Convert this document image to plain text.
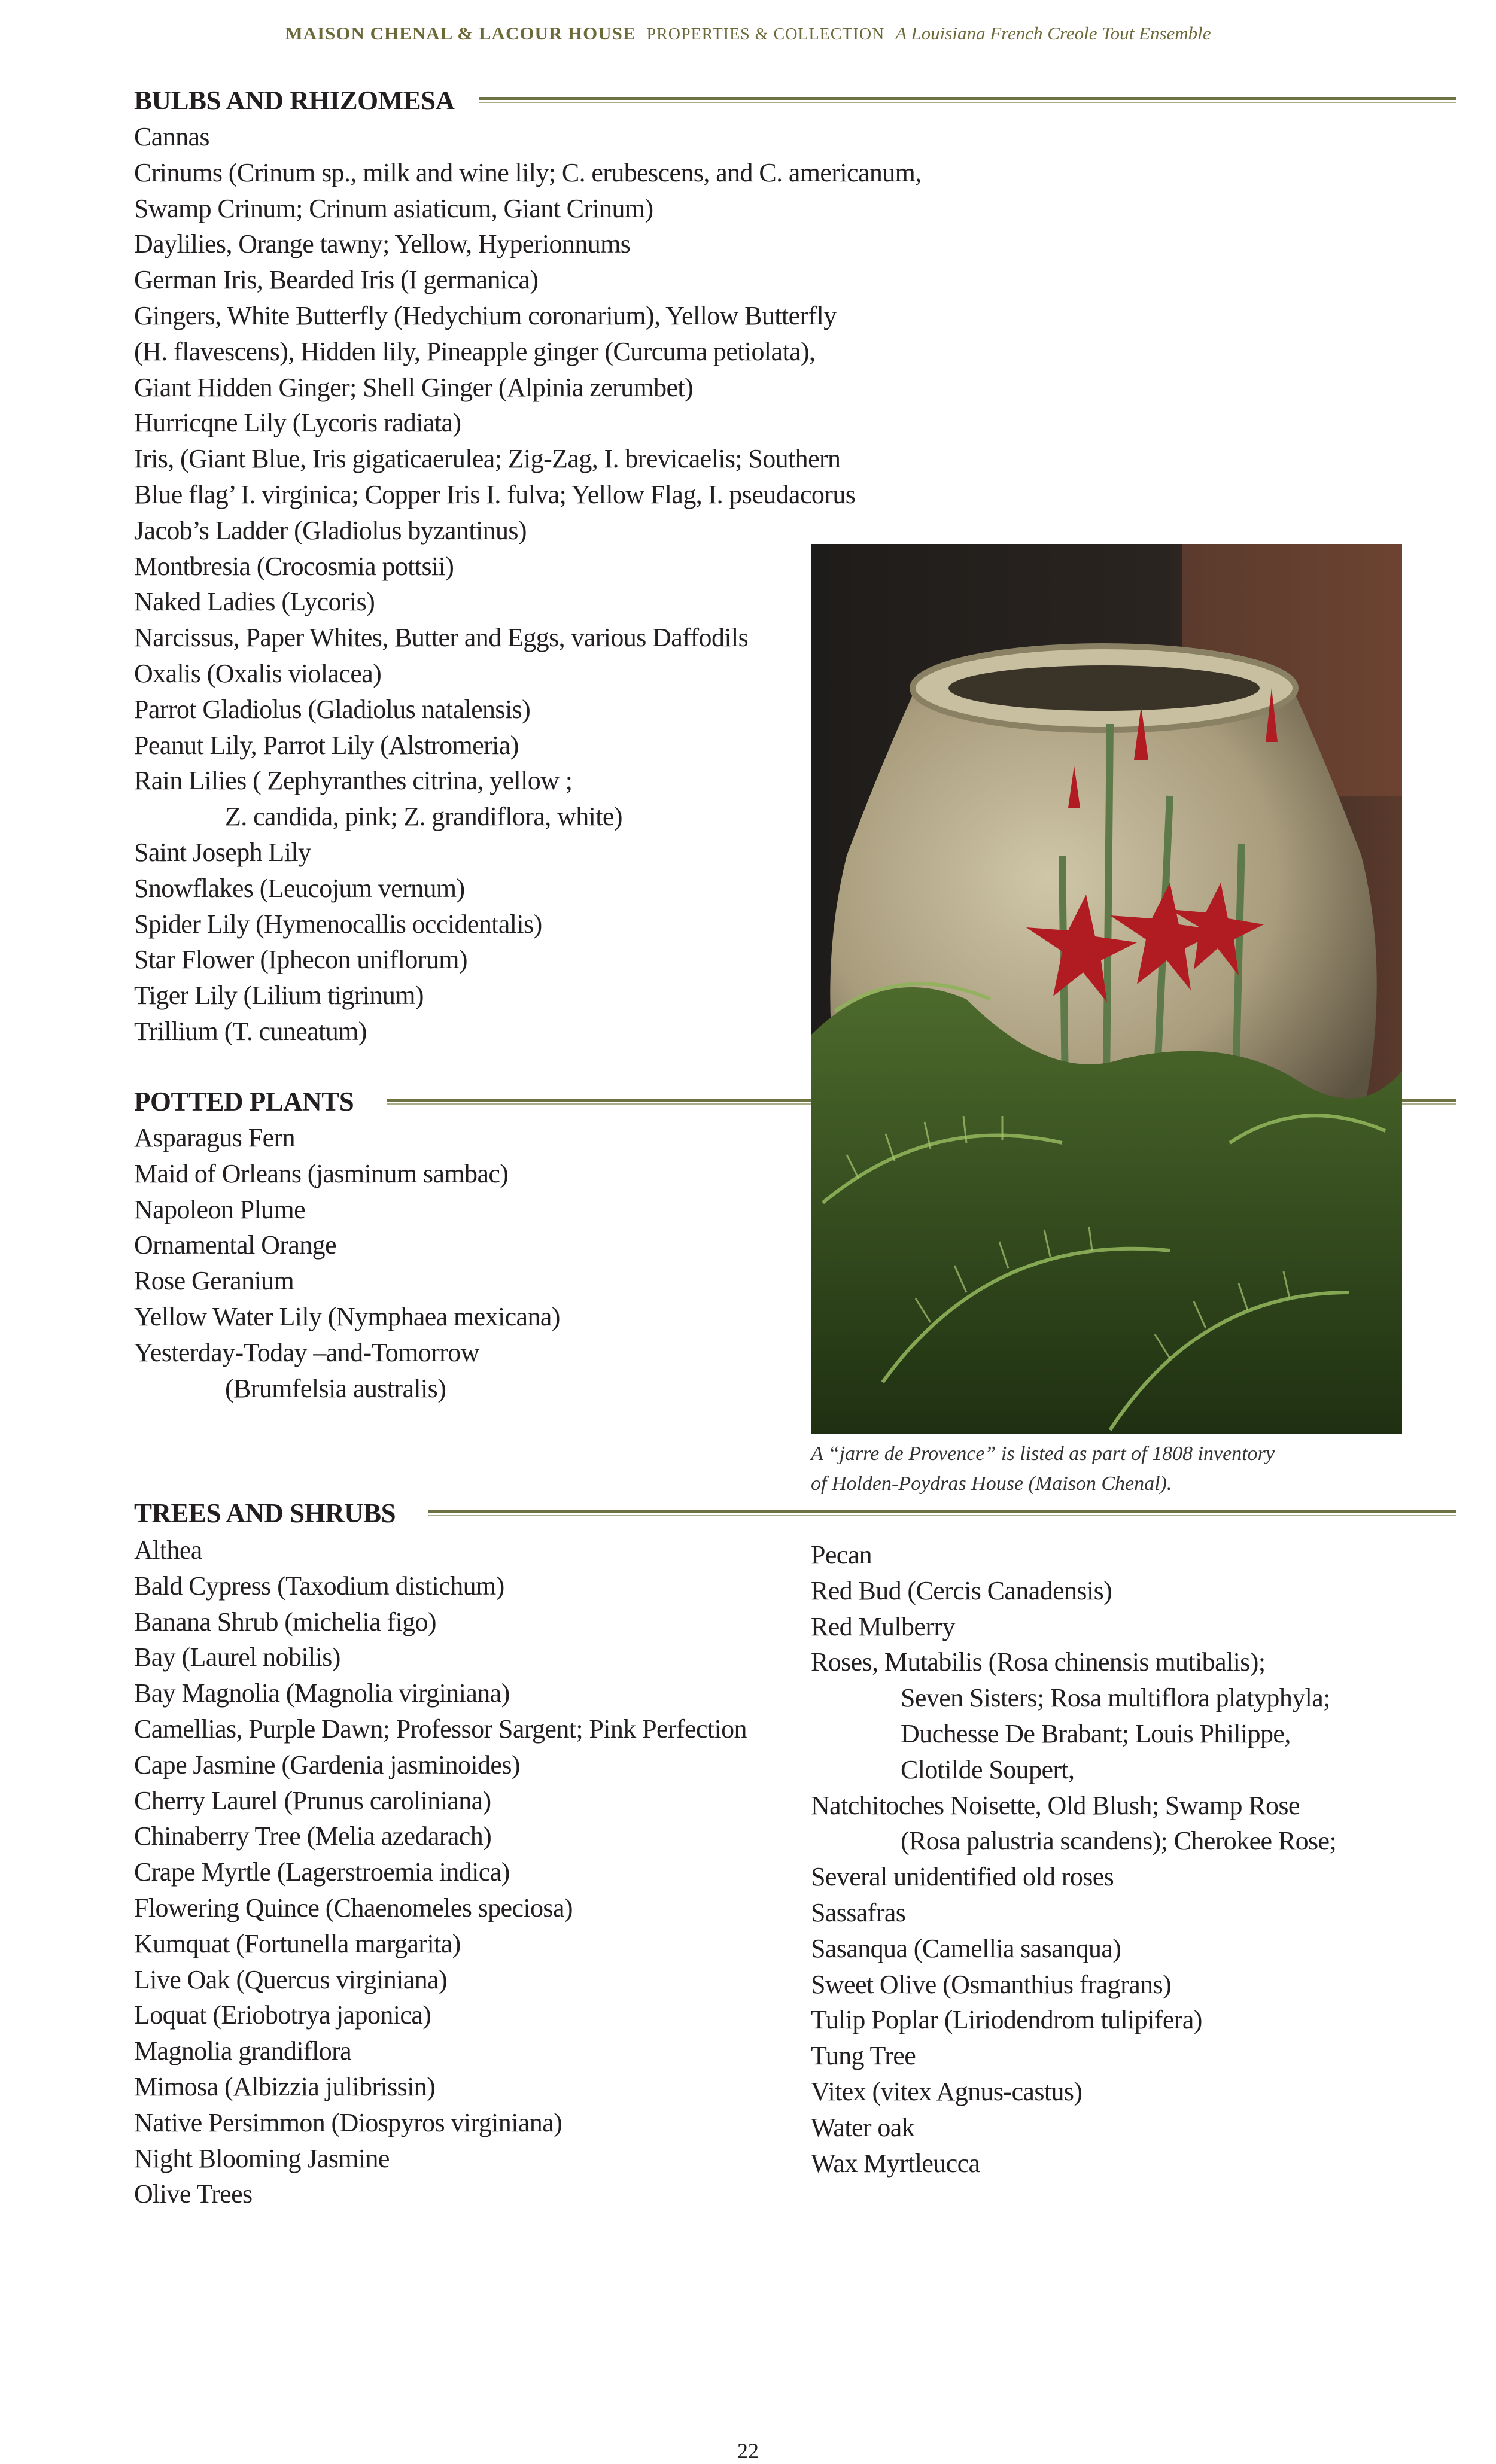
MAISON CHENAL & LACOUR HOUSE PROPERTIES & COLLECTION A Louisiana French Creole Tout Ensemble
BULBS AND RHIZOMESA
Cannas
Crinums (Crinum sp., milk and wine lily; C. erubescens, and C. americanum,
Swamp Crinum; Crinum asiaticum, Giant Crinum)
Daylilies, Orange tawny; Yellow, Hyperionnums
German Iris, Bearded Iris (I germanica)
Gingers, White Butterfly (Hedychium coronarium), Yellow Butterfly
(H. flavescens), Hidden lily, Pineapple ginger (Curcuma petiolata),
Giant Hidden Ginger; Shell Ginger (Alpinia zerumbet)
Hurricqne Lily (Lycoris radiata)
Iris, (Giant Blue, Iris gigaticaerulea; Zig-Zag, I. brevicaelis; Southern
Blue flag’ I. virginica; Copper Iris I. fulva; Yellow Flag, I. pseudacorus
Jacob’s Ladder (Gladiolus byzantinus)
Montbresia (Crocosmia pottsii)
Naked Ladies (Lycoris)
Narcissus, Paper Whites, Butter and Eggs, various Daffodils
Oxalis (Oxalis violacea)
Parrot Gladiolus (Gladiolus natalensis)
Peanut Lily, Parrot Lily (Alstromeria)
Rain Lilies ( Zephyranthes citrina, yellow ;
Z. candida, pink; Z. grandiflora, white)
Saint Joseph Lily
Snowflakes (Leucojum vernum)
Spider Lily (Hymenocallis occidentalis)
Star Flower (Iphecon uniflorum)
Tiger Lily (Lilium tigrinum)
Trillium (T. cuneatum)
POTTED PLANTS
Asparagus Fern
Maid of Orleans (jasminum sambac)
Napoleon Plume
Ornamental Orange
Rose Geranium
Yellow Water Lily (Nymphaea mexicana)
Yesterday-Today –and-Tomorrow
(Brumfelsia australis)
A “jarre de Provence” is listed as part of 1808 inventory
of Holden-Poydras House (Maison Chenal).
TREES AND SHRUBS
Althea
Bald Cypress (Taxodium distichum)
Banana Shrub (michelia figo)
Bay (Laurel nobilis)
Bay Magnolia (Magnolia virginiana)
Camellias, Purple Dawn; Professor Sargent; Pink Perfection
Cape Jasmine (Gardenia jasminoides)
Cherry Laurel (Prunus caroliniana)
Chinaberry Tree (Melia azedarach)
Crape Myrtle (Lagerstroemia indica)
Flowering Quince (Chaenomeles speciosa)
Kumquat (Fortunella margarita)
Live Oak (Quercus virginiana)
Loquat (Eriobotrya japonica)
Magnolia grandiflora
Mimosa (Albizzia julibrissin)
Native Persimmon (Diospyros virginiana)
Night Blooming Jasmine
Olive Trees
Pecan
Red Bud (Cercis Canadensis)
Red Mulberry
Roses, Mutabilis (Rosa chinensis mutibalis);
Seven Sisters; Rosa multiflora platyphyla;
Duchesse De Brabant; Louis Philippe,
Clotilde Soupert,
Natchitoches Noisette, Old Blush; Swamp Rose
(Rosa palustria scandens); Cherokee Rose;
Several unidentified old roses
Sassafras
Sasanqua (Camellia sasanqua)
Sweet Olive (Osmanthius fragrans)
Tulip Poplar (Liriodendrom tulipifera)
Tung Tree
Vitex (vitex Agnus-castus)
Water oak
Wax Myrtleucca
22
